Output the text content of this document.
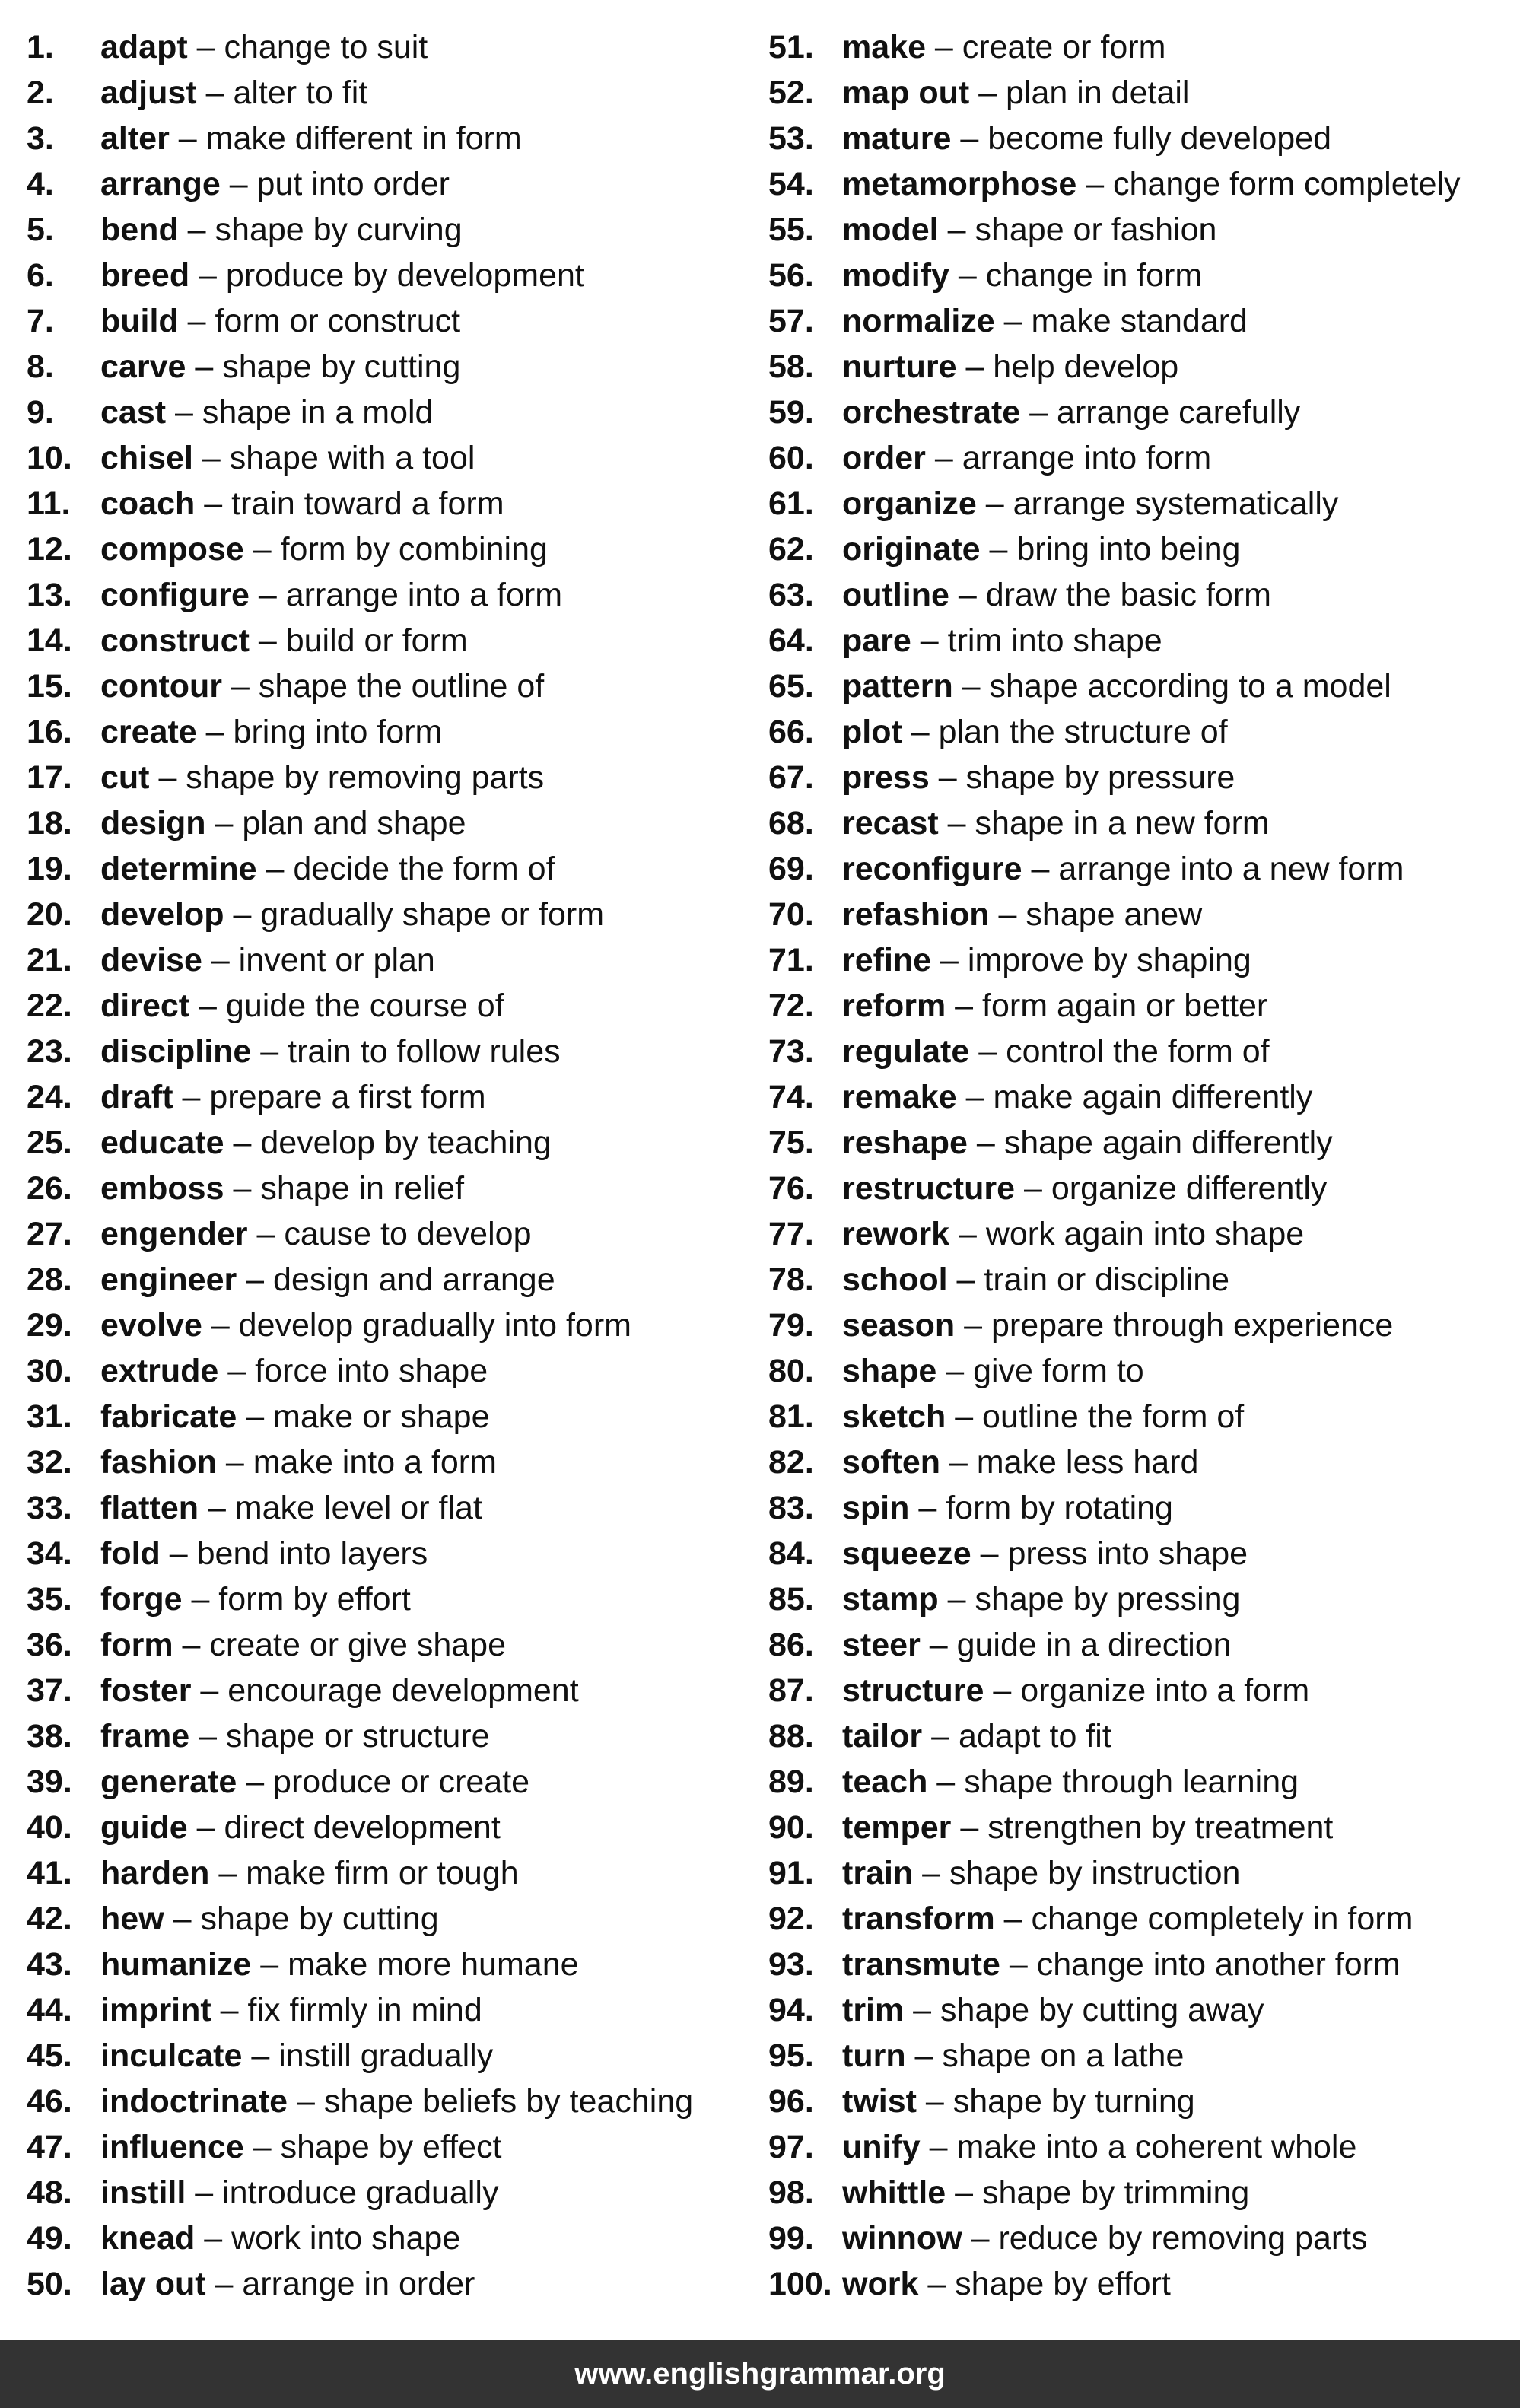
1. adapt – change to suit
2. adjust – alter to fit
3. alter – make different in form
4. arrange – put into order
5. bend – shape by curving
6. breed – produce by development
7. build – form or construct
8. carve – shape by cutting
9. cast – shape in a mold
10. chisel – shape with a tool
11. coach – train toward a form
12. compose – form by combining
13. configure – arrange into a form
14. construct – build or form
15. contour – shape the outline of
16. create – bring into form
17. cut – shape by removing parts
18. design – plan and shape
19. determine – decide the form of
20. develop – gradually shape or form
21. devise – invent or plan
22. direct – guide the course of
23. discipline – train to follow rules
24. draft – prepare a first form
25. educate – develop by teaching
26. emboss – shape in relief
27. engender – cause to develop
28. engineer – design and arrange
29. evolve – develop gradually into form
30. extrude – force into shape
31. fabricate – make or shape
32. fashion – make into a form
33. flatten – make level or flat
34. fold – bend into layers
35. forge – form by effort
36. form – create or give shape
37. foster – encourage development
38. frame – shape or structure
39. generate – produce or create
40. guide – direct development
41. harden – make firm or tough
42. hew – shape by cutting
43. humanize – make more humane
44. imprint – fix firmly in mind
45. inculcate – instill gradually
46. indoctrinate – shape beliefs by teaching
47. influence – shape by effect
48. instill – introduce gradually
49. knead – work into shape
50. lay out – arrange in order
51. make – create or form
52. map out – plan in detail
53. mature – become fully developed
54. metamorphose – change form completely
55. model – shape or fashion
56. modify – change in form
57. normalize – make standard
58. nurture – help develop
59. orchestrate – arrange carefully
60. order – arrange into form
61. organize – arrange systematically
62. originate – bring into being
63. outline – draw the basic form
64. pare – trim into shape
65. pattern – shape according to a model
66. plot – plan the structure of
67. press – shape by pressure
68. recast – shape in a new form
69. reconfigure – arrange into a new form
70. refashion – shape anew
71. refine – improve by shaping
72. reform – form again or better
73. regulate – control the form of
74. remake – make again differently
75. reshape – shape again differently
76. restructure – organize differently
77. rework – work again into shape
78. school – train or discipline
79. season – prepare through experience
80. shape – give form to
81. sketch – outline the form of
82. soften – make less hard
83. spin – form by rotating
84. squeeze – press into shape
85. stamp – shape by pressing
86. steer – guide in a direction
87. structure – organize into a form
88. tailor – adapt to fit
89. teach – shape through learning
90. temper – strengthen by treatment
91. train – shape by instruction
92. transform – change completely in form
93. transmute – change into another form
94. trim – shape by cutting away
95. turn – shape on a lathe
96. twist – shape by turning
97. unify – make into a coherent whole
98. whittle – shape by trimming
99. winnow – reduce by removing parts
100. work – shape by effort
www.englishgrammar.org
